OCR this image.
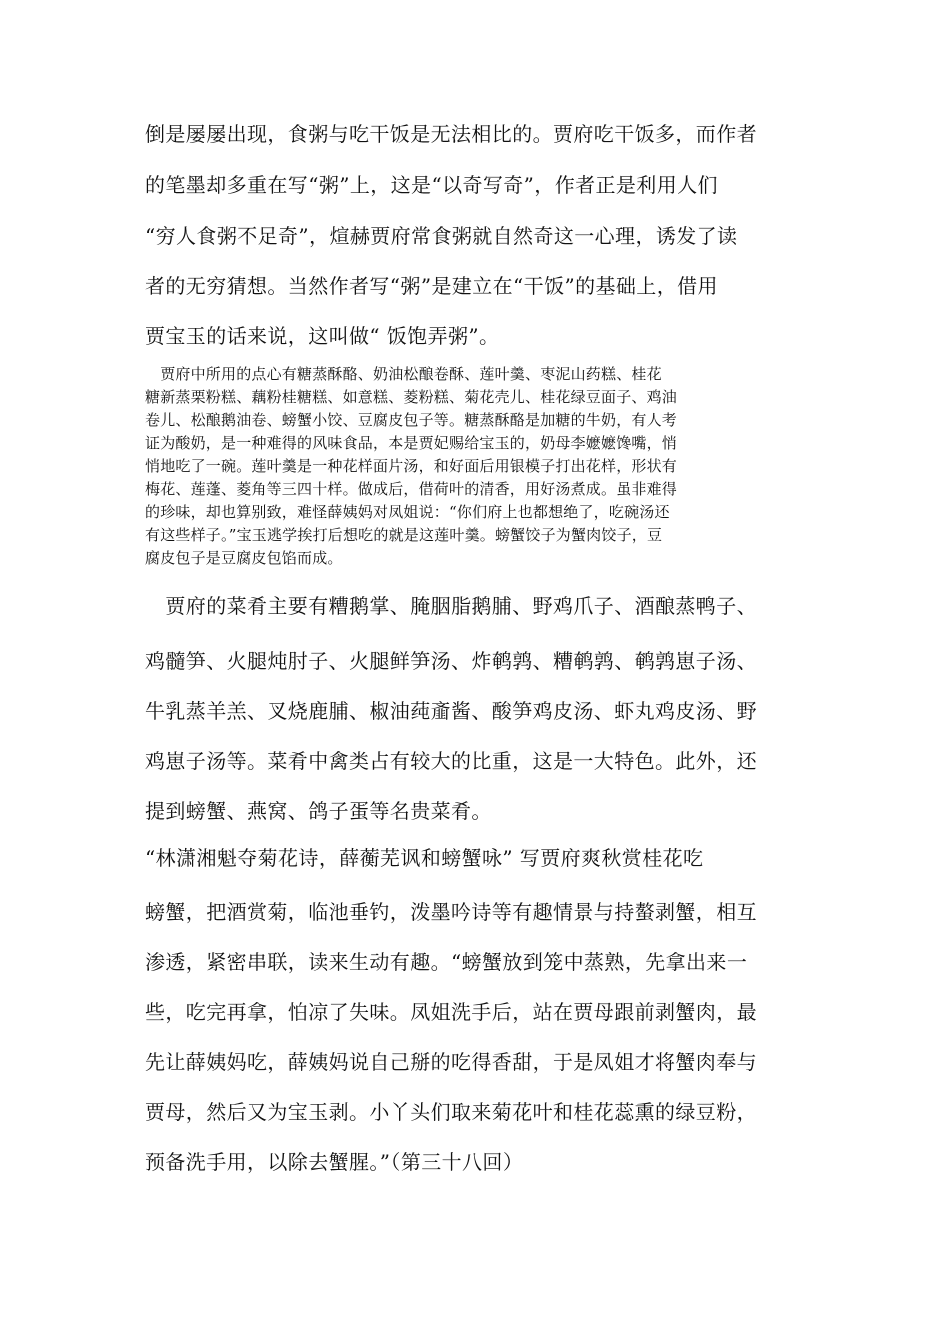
倒是屡屡出现，食粥与吃干饭是无法相比的。贾府吃干饭多，而作者
的笔墨却多重在写“粥”上，这是“以奇写奇”，作者正是利用人们
“穷人食粥不足奇”，煊赫贾府常食粥就自然奇这一心理，诱发了读
者的无穷猜想。当然作者写“粥”是建立在“干饭”的基础上，借用
贾宝玉的话来说，这叫做“ 饭饱弄粥”。
　贾府中所用的点心有糖蒸酥酪、奶油松酿卷酥、莲叶羹、枣泥山药糕、桂花
糖新蒸栗粉糕、藕粉桂糖糕、如意糕、菱粉糕、菊花壳儿、桂花绿豆面子、鸡油
卷儿、松酿鹅油卷、螃蟹小饺、豆腐皮包子等。糖蒸酥酪是加糖的牛奶，有人考
证为酸奶，是一种难得的风味食品，本是贾妃赐给宝玉的，奶母李嬷嬷馋嘴，悄
悄地吃了一碗。莲叶羹是一种花样面片汤，和好面后用银模子打出花样，形状有
梅花、莲蓬、菱角等三四十样。做成后，借荷叶的清香，用好汤煮成。虽非难得
的珍味，却也算别致，难怪薛姨妈对凤姐说：“你们府上也都想绝了，吃碗汤还
有这些样子。”宝玉逃学挨打后想吃的就是这莲叶羹。螃蟹饺子为蟹肉饺子，豆
腐皮包子是豆腐皮包馅而成。
　贾府的菜肴主要有糟鹅掌、腌胭脂鹅脯、野鸡爪子、酒酿蒸鸭子、
鸡髓笋、火腿炖肘子、火腿鲜笋汤、炸鹌鹑、糟鹌鹑、鹌鹑崽子汤、
牛乳蒸羊羔、叉烧鹿脯、椒油莼齑酱、酸笋鸡皮汤、虾丸鸡皮汤、野
鸡崽子汤等。菜肴中禽类占有较大的比重，这是一大特色。此外，还
提到螃蟹、燕窝、鸽子蛋等名贵菜肴。
“林潇湘魁夺菊花诗，薛蘅芜讽和螃蟹咏” 写贾府爽秋赏桂花吃
螃蟹，把酒赏菊，临池垂钓，泼墨吟诗等有趣情景与持螯剥蟹，相互
渗透，紧密串联，读来生动有趣。“螃蟹放到笼中蒸熟，先拿出来一
些，吃完再拿，怕凉了失味。凤姐洗手后，站在贾母跟前剥蟹肉，最
先让薛姨妈吃，薛姨妈说自己掰的吃得香甜，于是凤姐才将蟹肉奉与
贾母，然后又为宝玉剥。小丫头们取来菊花叶和桂花蕊熏的绿豆粉，
预备洗手用，以除去蟹腥。”（第三十八回）
